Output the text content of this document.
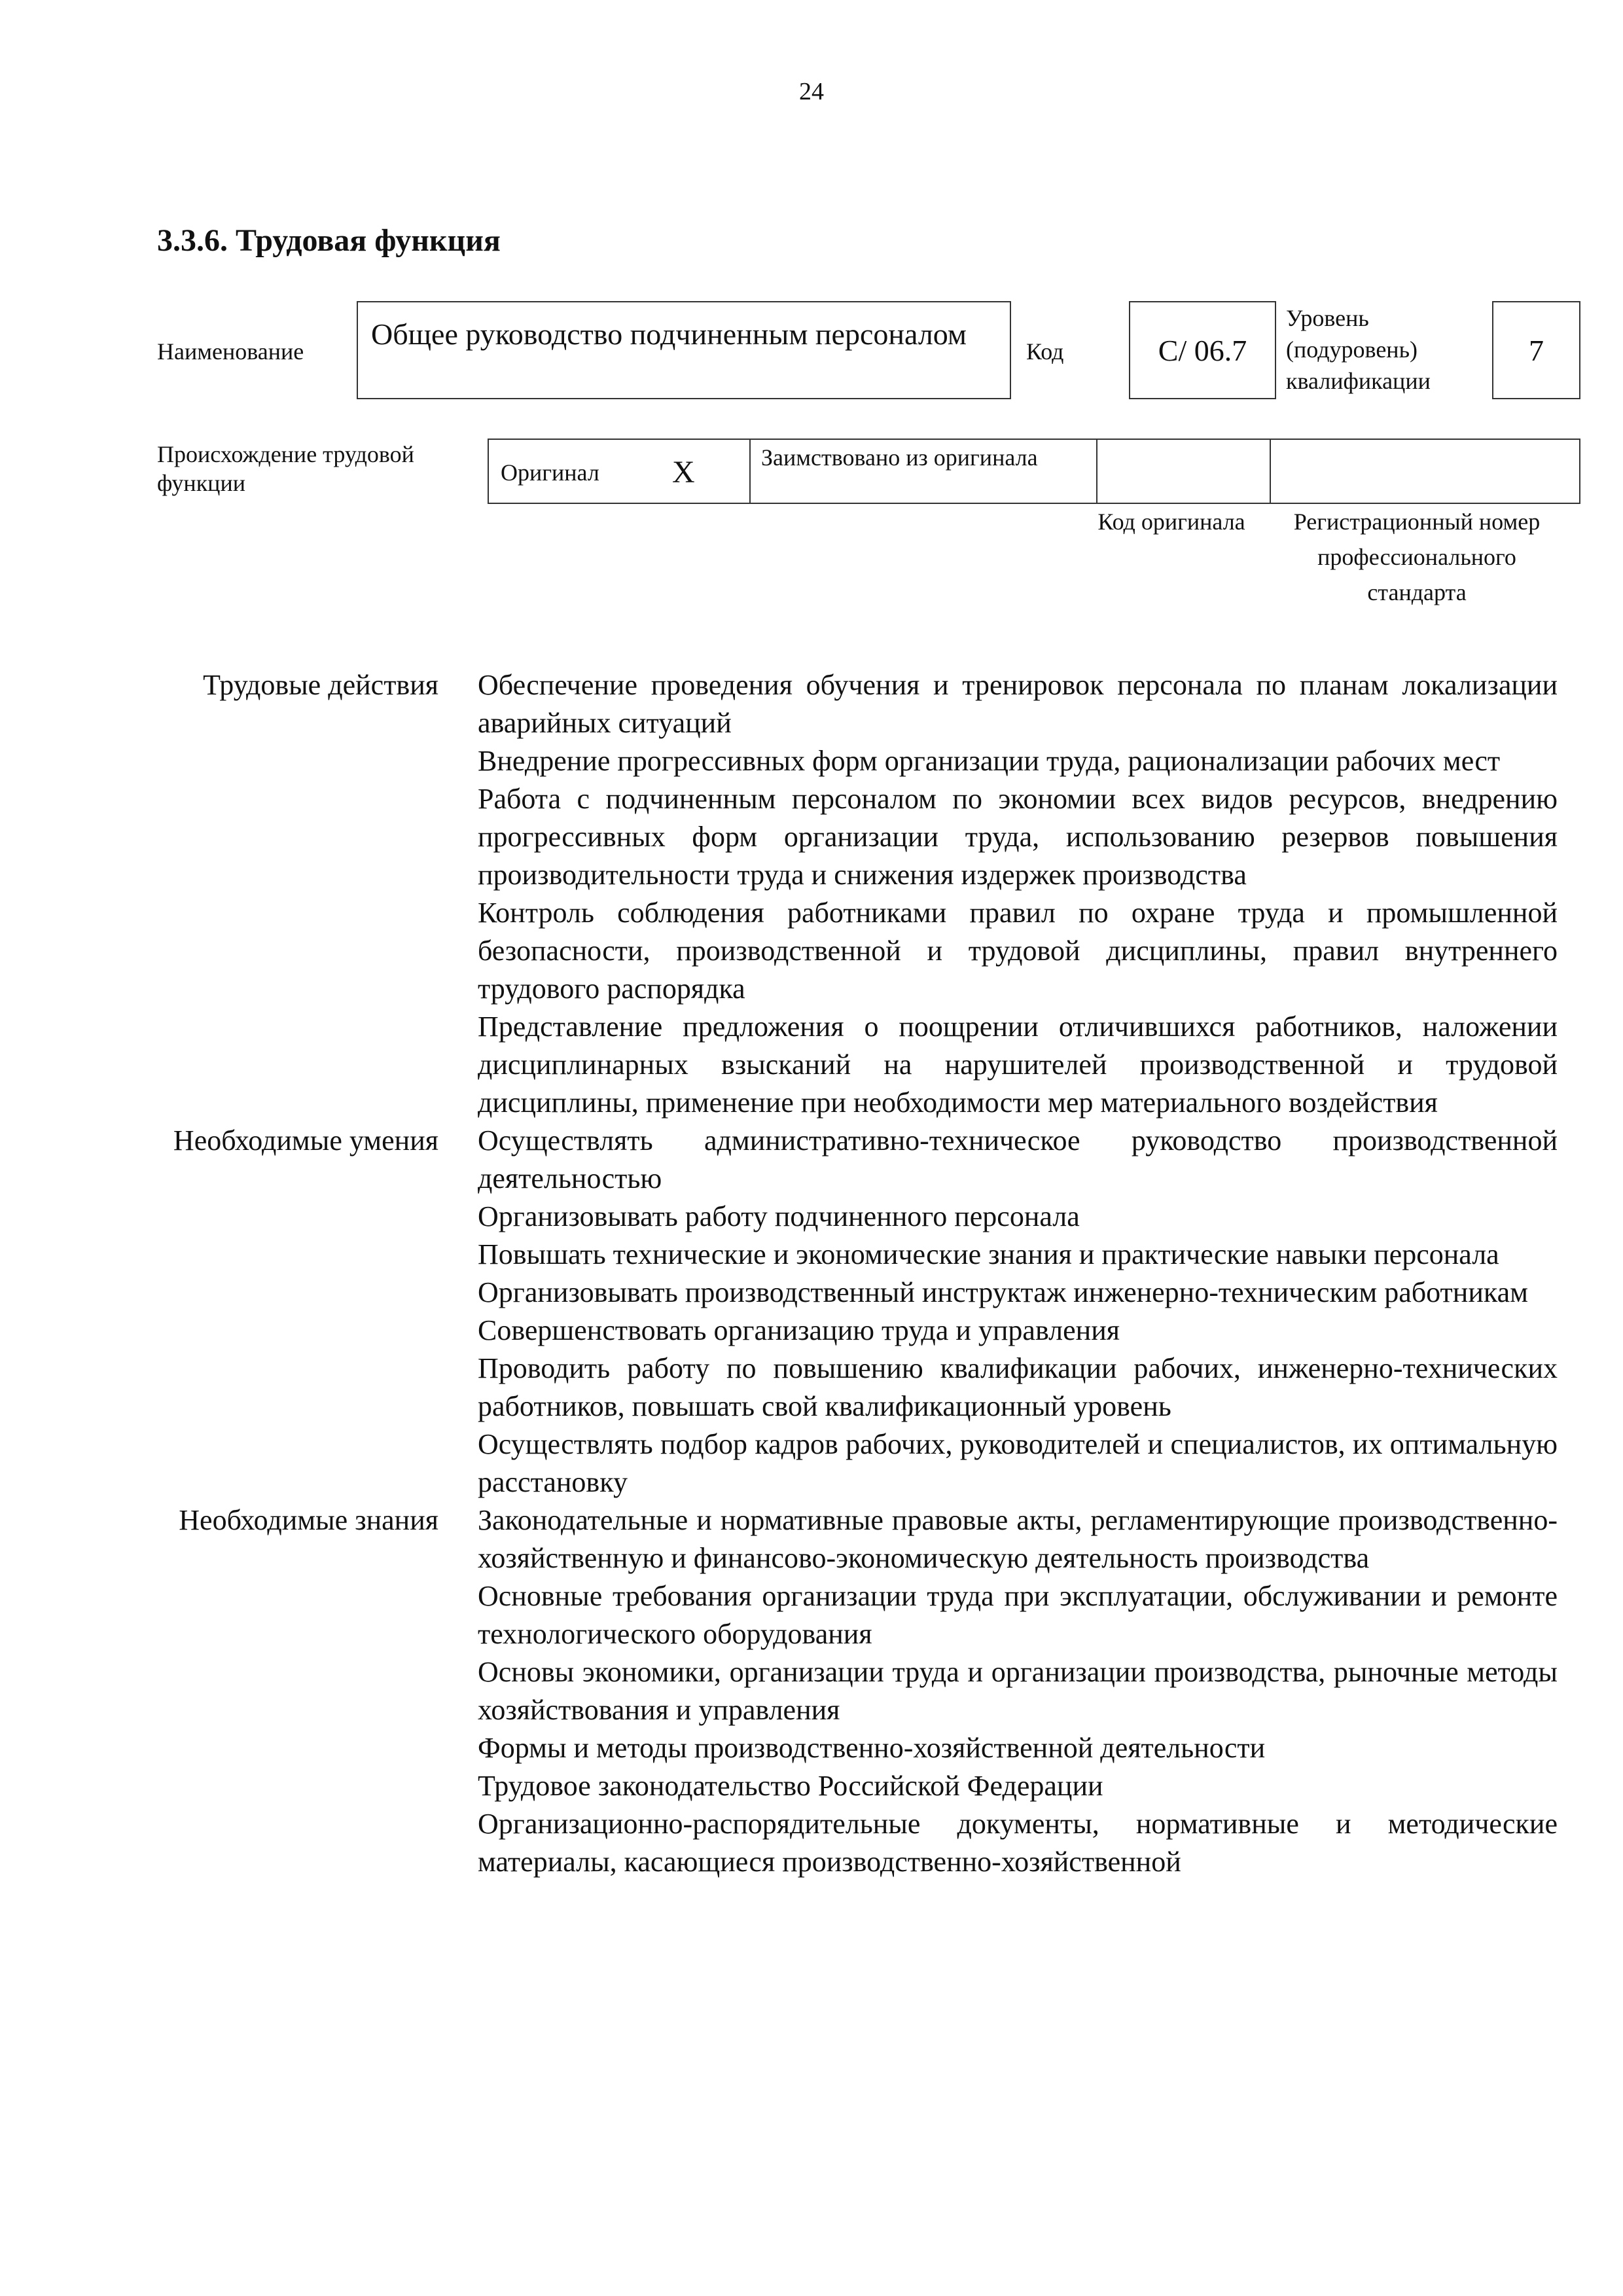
24
3.3.6. Трудовая функция
Наименование
Общее руководство подчиненным персоналом
Код	C/ 06.7
Уровень
(подуровень)
квалификации
7
Происхождение трудовой функции	Оригинал X	Заимствовано из оригинала
Код оригинала	Регистрационный номер профессионального стандарта
Трудовые действия	Обеспечение проведения обучения и тренировок персонала по планам локализации аварийных ситуаций
Внедрение прогрессивных форм организации труда, рационализации рабочих мест
Работа с подчиненным персоналом по экономии всех видов ресурсов, внедрению прогрессивных форм организации труда, использованию резервов повышения производительности труда и снижения издержек производства
Контроль соблюдения работниками правил по охране труда и промышленной безопасности, производственной и трудовой дисциплины, правил внутреннего трудового распорядка
Представление предложения о поощрении отличившихся работников, наложении дисциплинарных взысканий на нарушителей производственной и трудовой дисциплины, применение при необходимости мер материального воздействия
Необходимые умения	Осуществлять административно-техническое руководство производственной деятельностью
Организовывать работу подчиненного персонала
Повышать технические и экономические знания и практические навыки персонала
Организовывать производственный инструктаж инженерно-техническим работникам
Совершенствовать организацию труда и управления
Проводить работу по повышению квалификации рабочих, инженерно-технических работников, повышать свой квалификационный уровень
Осуществлять подбор кадров рабочих, руководителей и специалистов, их оптимальную расстановку
Необходимые знания	Законодательные и нормативные правовые акты, регламентирующие производственно-хозяйственную и финансово-экономическую деятельность производства
Основные требования организации труда при эксплуатации, обслуживании и ремонте технологического оборудования
Основы экономики, организации труда и организации производства, рыночные методы хозяйствования и управления
Формы и методы производственно-хозяйственной деятельности
Трудовое законодательство Российской Федерации
Организационно-распорядительные документы, нормативные и методические материалы, касающиеся производственно-хозяйственной
